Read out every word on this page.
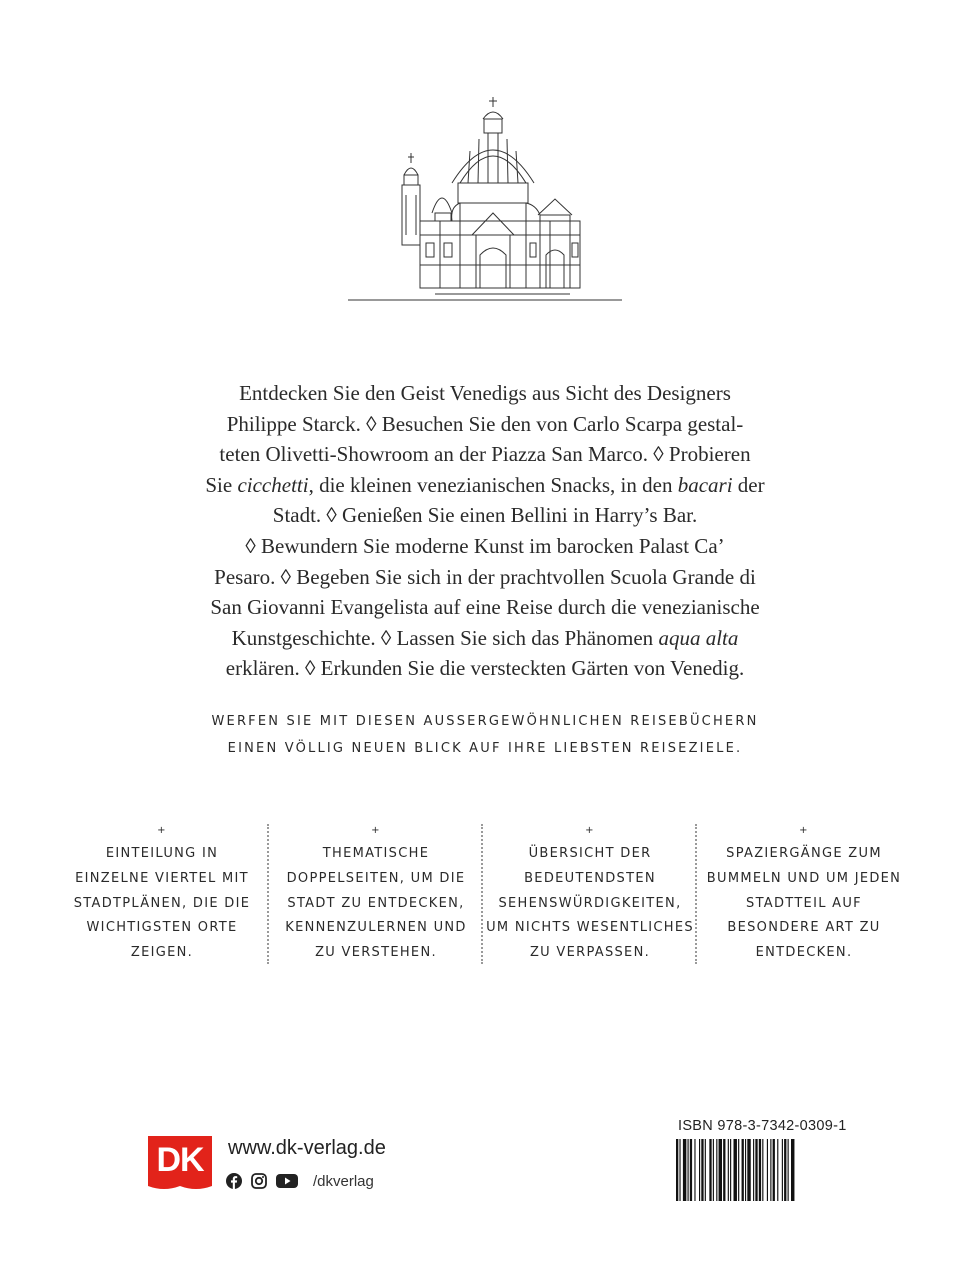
Entdecken Sie den Geist Venedigs aus Sicht des Designers
Philippe Starck. ◊ Besuchen Sie den von Carlo Scarpa gestal-
teten Olivetti-Showroom an der Piazza San Marco. ◊ Probieren
Sie cicchetti, die kleinen venezianischen Snacks, in den bacari der
Stadt. ◊ Genießen Sie einen Bellini in Harry’s Bar.
◊ Bewundern Sie moderne Kunst im barocken Palast Ca’
Pesaro. ◊ Begeben Sie sich in der prachtvollen Scuola Grande di
San Giovanni Evangelista auf eine Reise durch die venezianische
Kunstgeschichte. ◊ Lassen Sie sich das Phänomen aqua alta
erklären. ◊ Erkunden Sie die versteckten Gärten von Venedig.
WERFEN SIE MIT DIESEN AUSSERGEWÖHNLICHEN REISEBÜCHERN
EINEN VÖLLIG NEUEN BLICK AUF IHRE LIEBSTEN REISEZIELE.
+
EINTEILUNG IN
EINZELNE VIERTEL MIT
STADTPLÄNEN, DIE DIE
WICHTIGSTEN ORTE
ZEIGEN.
+
THEMATISCHE
DOPPELSEITEN, UM DIE
STADT ZU ENTDECKEN,
KENNENZULERNEN UND
ZU VERSTEHEN.
+
ÜBERSICHT DER
BEDEUTENDSTEN
SEHENSWÜRDIGKEITEN,
UM NICHTS WESENTLICHES
ZU VERPASSEN.
+
SPAZIERGÄNGE ZUM
BUMMELN UND UM JEDEN
STADTTEIL AUF
BESONDERE ART ZU
ENTDECKEN.
DK	www.dk-verlag.de
/dkverlag
ISBN 978-3-7342-0309-1
